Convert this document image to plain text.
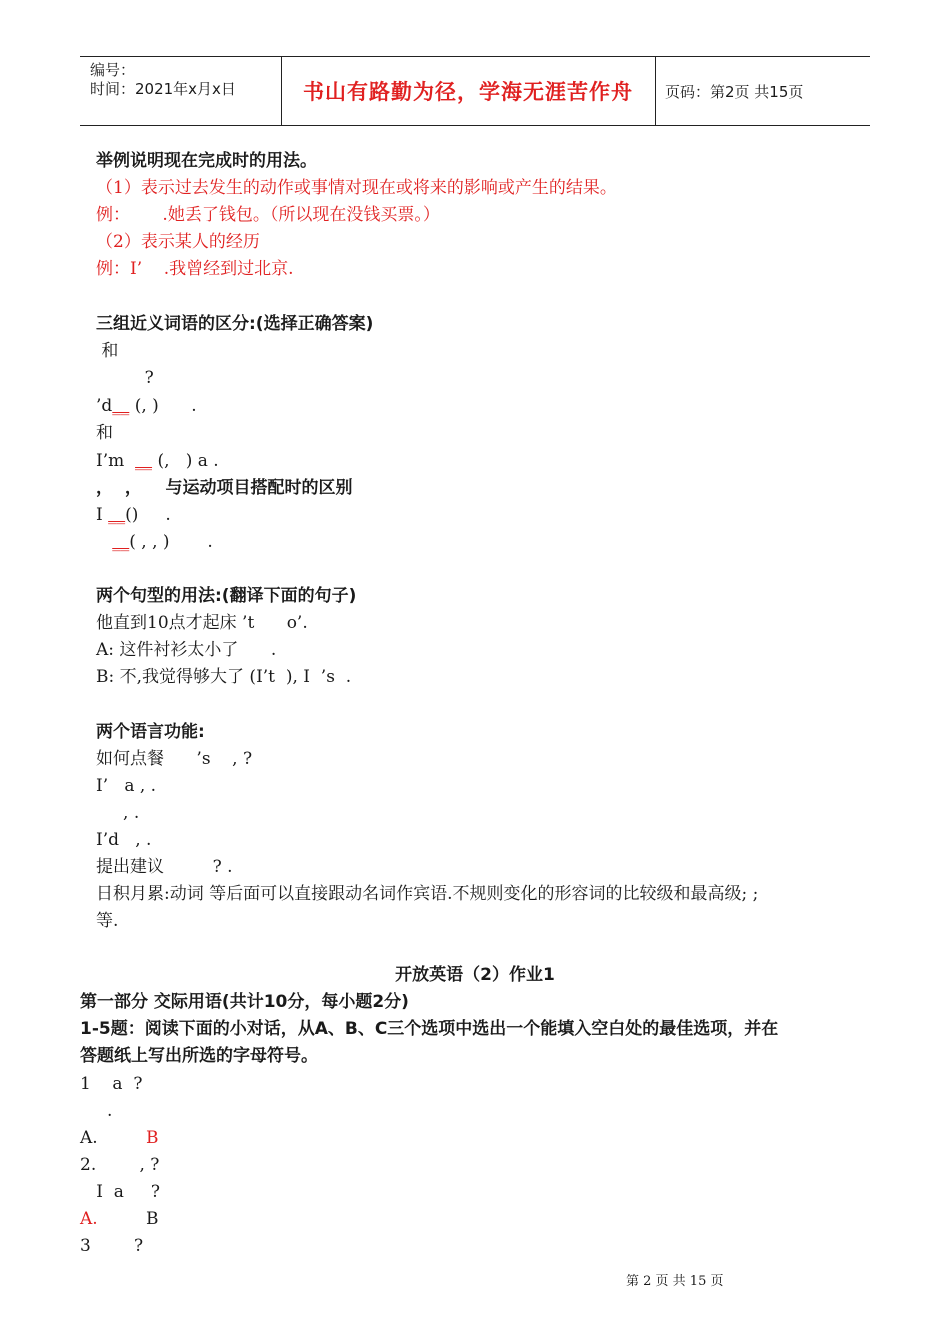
编号：
时间：2021年x月x日	书山有路勤为径，学海无涯苦作舟	页码：第2页 共15页
举例说明现在完成时的用法。
（1）表示过去发生的动作或事情对现在或将来的影响或产生的结果。
例：      .她丢了钱包。（所以现在没钱买票。）
（2）表示某人的经历
例：I’    .我曾经到过北京.
三组近义词语的区分:(选择正确答案)
和
?
’d__ (, )      .
和
I’m  __ (,   ) a .
，  ，    与运动项目搭配时的区别
I __()     .
__( , , )       .
两个句型的用法:(翻译下面的句子)
他直到10点才起床 ’t      o’.
A: 这件衬衫太小了      .
B: 不,我觉得够大了 (I’t  ), I  ’s  .
两个语言功能:
如何点餐      ’s    , ?
I’   a , .
, .
I’d   , .
提出建议         ? .
日积月累:动词 等后面可以直接跟动名词作宾语.不规则变化的形容词的比较级和最高级; ;
等.
开放英语（2）作业1
第一部分 交际用语(共计10分，每小题2分)
1-5题：阅读下面的小对话，从A、B、C三个选项中选出一个能填入空白处的最佳选项，并在
答题纸上写出所选的字母符号。
1    a  ?
.
A.	B
2.        , ?
I  a     ?
A.	B
3        ?
第 2 页 共 15 页
